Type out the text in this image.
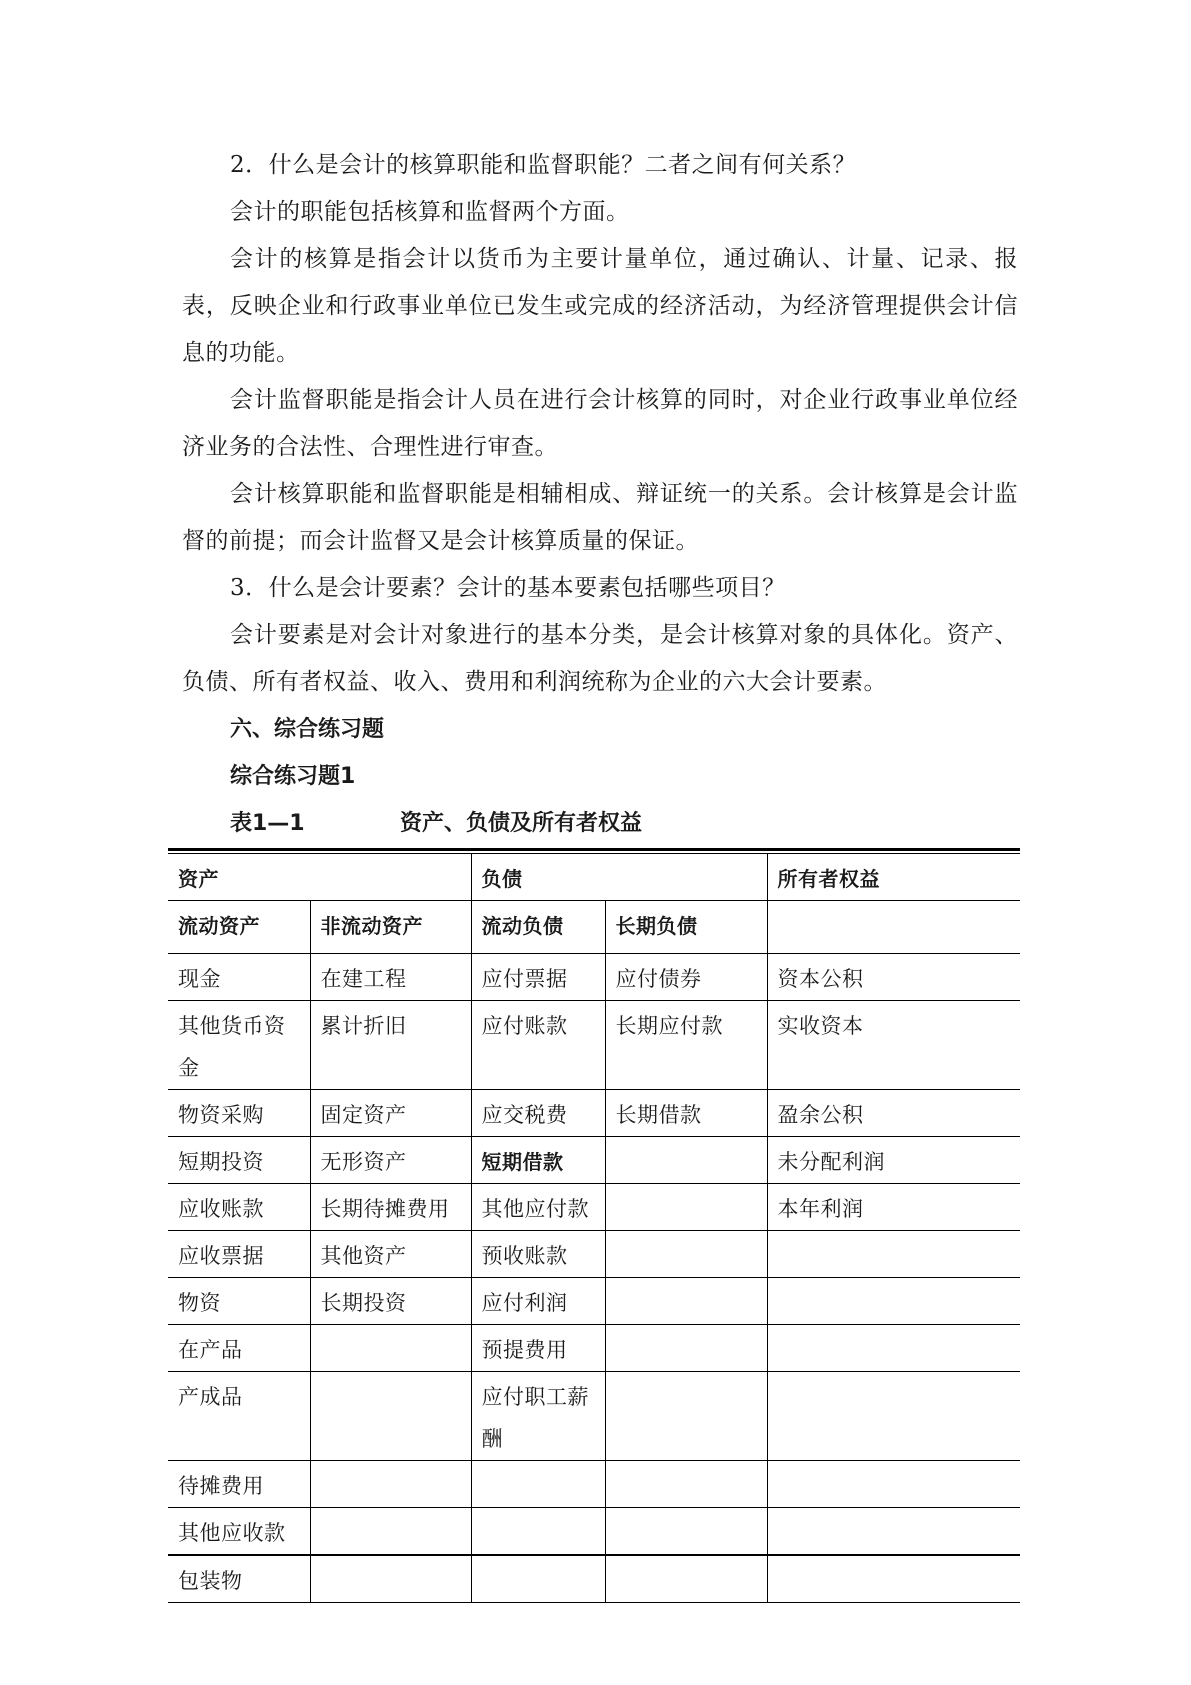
2．什么是会计的核算职能和监督职能？二者之间有何关系？

会计的职能包括核算和监督两个方面。

会计的核算是指会计以货币为主要计量单位，通过确认、计量、记录、报表，反映企业和行政事业单位已发生或完成的经济活动，为经济管理提供会计信息的功能。

会计监督职能是指会计人员在进行会计核算的同时，对企业行政事业单位经济业务的合法性、合理性进行审查。

会计核算职能和监督职能是相辅相成、辩证统一的关系。会计核算是会计监督的前提；而会计监督又是会计核算质量的保证。

3．什么是会计要素？会计的基本要素包括哪些项目？

会计要素是对会计对象进行的基本分类，是会计核算对象的具体化。资产、负债、所有者权益、收入、费用和利润统称为企业的六大会计要素。

六、综合练习题

综合练习题1

表1—1	资产、负债及所有者权益
资产		负债		所有者权益
流动资产	非流动资产	流动负债	长期负债	
现金	在建工程	应付票据	应付债券	资本公积
其他货币资金	累计折旧	应付账款	长期应付款	实收资本
物资采购	固定资产	应交税费	长期借款	盈余公积
短期投资	无形资产	短期借款		未分配利润
应收账款	长期待摊费用	其他应付款		本年利润
应收票据	其他资产	预收账款		
物资	长期投资	应付利润		
在产品		预提费用		
产成品		应付职工薪酬		
待摊费用				
其他应收款				
包装物				
